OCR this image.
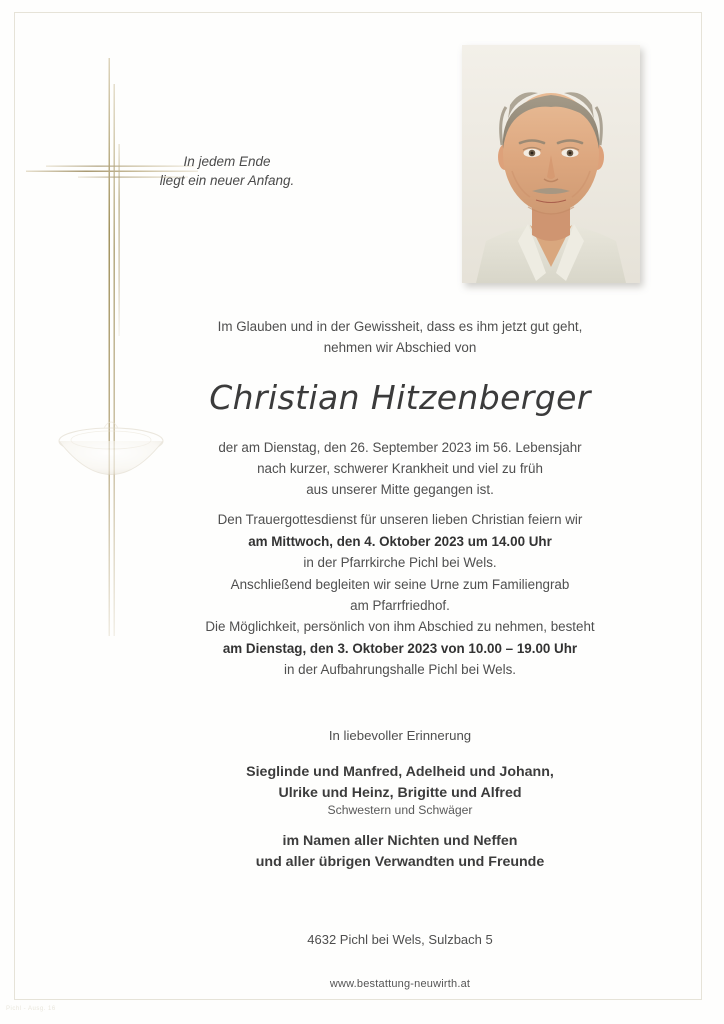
In jedem Ende
liegt ein neuer Anfang.
Im Glauben und in der Gewissheit, dass es ihm jetzt gut geht,
nehmen wir Abschied von
Christian Hitzenberger
der am Dienstag, den 26. September 2023 im 56. Lebensjahr
nach kurzer, schwerer Krankheit und viel zu früh
aus unserer Mitte gegangen ist.
Den Trauergottesdienst für unseren lieben Christian feiern wir
am Mittwoch, den 4. Oktober 2023 um 14.00 Uhr
in der Pfarrkirche Pichl bei Wels.
Anschließend begleiten wir seine Urne zum Familiengrab
am Pfarrfriedhof.
Die Möglichkeit, persönlich von ihm Abschied zu nehmen, besteht
am Dienstag, den 3. Oktober 2023 von 10.00 – 19.00 Uhr
in der Aufbahrungshalle Pichl bei Wels.
In liebevoller Erinnerung
Sieglinde und Manfred, Adelheid und Johann,
Ulrike und Heinz, Brigitte und Alfred
Schwestern und Schwäger
im Namen aller Nichten und Neffen
und aller übrigen Verwandten und Freunde
4632 Pichl bei Wels, Sulzbach 5
www.bestattung-neuwirth.at
Pichl - Ausg. 16
